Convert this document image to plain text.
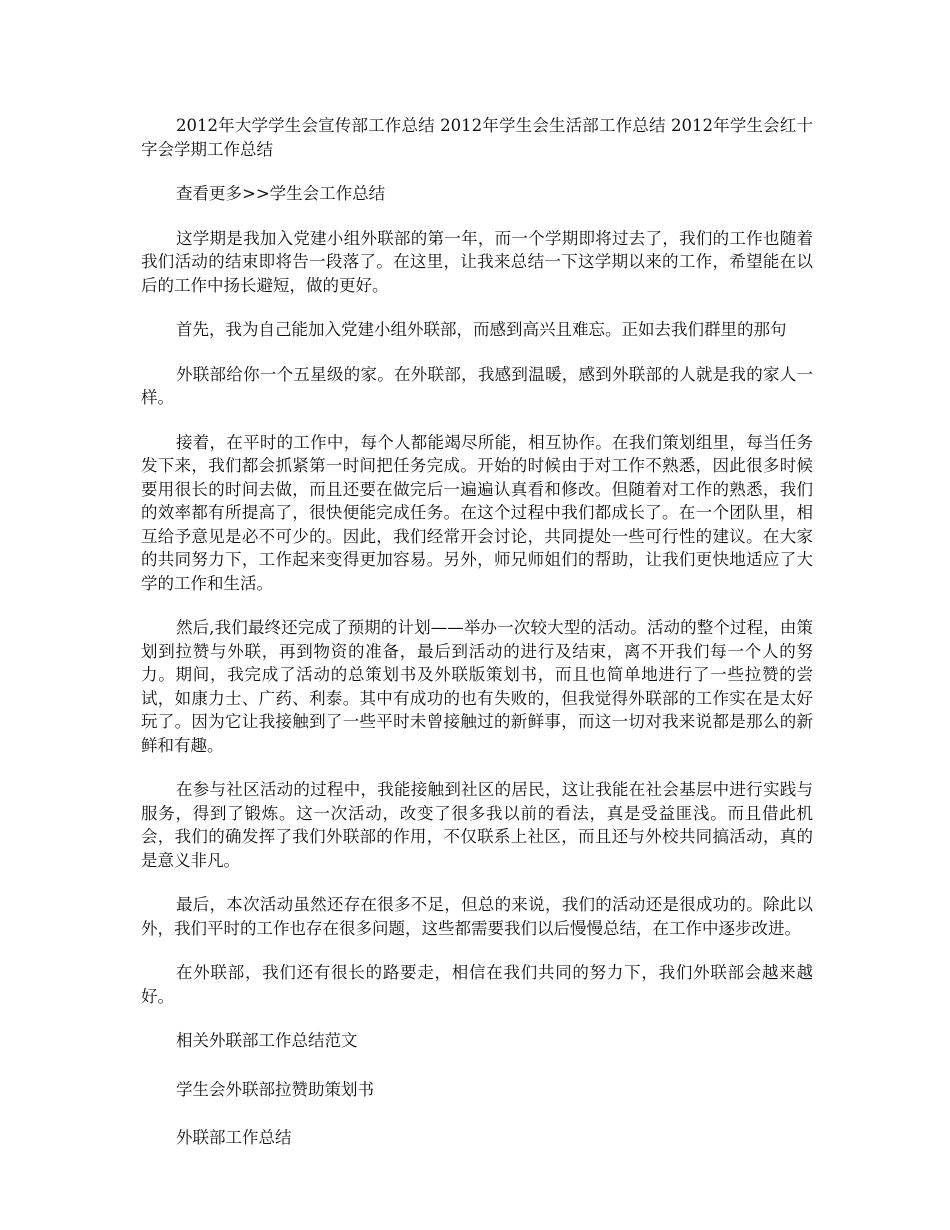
2012年大学学生会宣传部工作总结 2012年学生会生活部工作总结 2012年学生会红十字会学期工作总结

查看更多>>学生会工作总结

这学期是我加入党建小组外联部的第一年，而一个学期即将过去了，我们的工作也随着我们活动的结束即将告一段落了。在这里，让我来总结一下这学期以来的工作，希望能在以后的工作中扬长避短，做的更好。

首先，我为自己能加入党建小组外联部，而感到高兴且难忘。正如去我们群里的那句

外联部给你一个五星级的家。在外联部，我感到温暖，感到外联部的人就是我的家人一样。

接着，在平时的工作中，每个人都能竭尽所能，相互协作。在我们策划组里，每当任务发下来，我们都会抓紧第一时间把任务完成。开始的时候由于对工作不熟悉，因此很多时候要用很长的时间去做，而且还要在做完后一遍遍认真看和修改。但随着对工作的熟悉，我们的效率都有所提高了，很快便能完成任务。在这个过程中我们都成长了。在一个团队里，相互给予意见是必不可少的。因此，我们经常开会讨论，共同提处一些可行性的建议。在大家的共同努力下，工作起来变得更加容易。另外，师兄师姐们的帮助，让我们更快地适应了大学的工作和生活。

然后,我们最终还完成了预期的计划——举办一次较大型的活动。活动的整个过程，由策划到拉赞与外联，再到物资的准备，最后到活动的进行及结束，离不开我们每一个人的努力。期间，我完成了活动的总策划书及外联版策划书，而且也简单地进行了一些拉赞的尝试，如康力士、广药、利泰。其中有成功的也有失败的，但我觉得外联部的工作实在是太好玩了。因为它让我接触到了一些平时未曾接触过的新鲜事，而这一切对我来说都是那么的新鲜和有趣。

在参与社区活动的过程中，我能接触到社区的居民，这让我能在社会基层中进行实践与服务，得到了锻炼。这一次活动，改变了很多我以前的看法，真是受益匪浅。而且借此机会，我们的确发挥了我们外联部的作用，不仅联系上社区，而且还与外校共同搞活动，真的是意义非凡。

最后，本次活动虽然还存在很多不足，但总的来说，我们的活动还是很成功的。除此以外，我们平时的工作也存在很多问题，这些都需要我们以后慢慢总结，在工作中逐步改进。

在外联部，我们还有很长的路要走，相信在我们共同的努力下，我们外联部会越来越好。

相关外联部工作总结范文

学生会外联部拉赞助策划书

外联部工作总结
